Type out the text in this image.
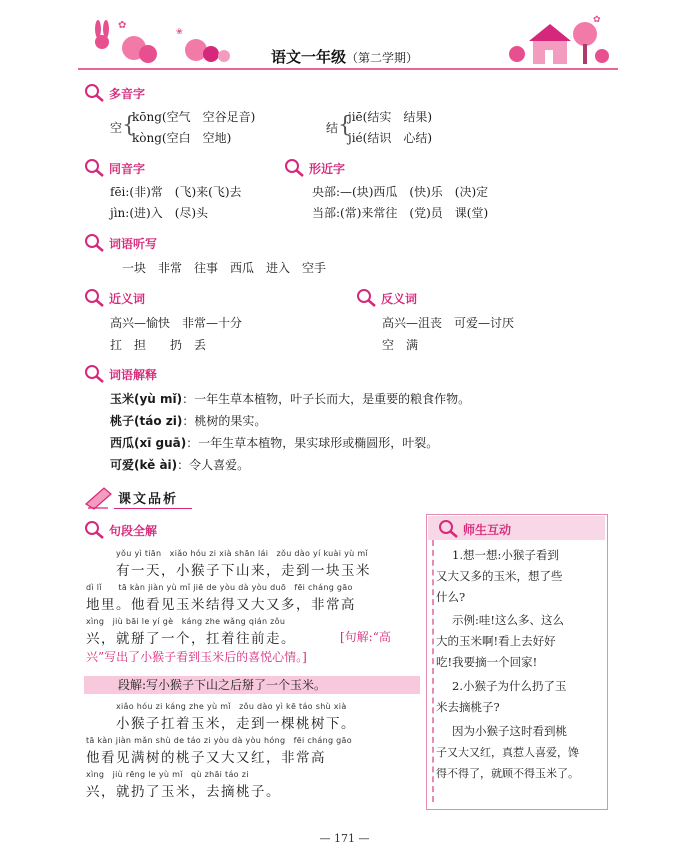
✿
❀
✿
语文一年级（第二学期）
多音字
空 {
kōng(空气　空谷足音)
kòng(空白　空地)
结 {
jiē(结实　结果)
jié(结识　心结)
同音字
fēi:(非)常　(飞)来(飞)去
jìn:(进)入　(尽)头
形近字
央部:—(块)西瓜　(快)乐　(决)定
当部:(常)来常往　(党)员　课(堂)
词语听写
一块　非常　往事　西瓜　进入　空手
近义词
高兴—愉快　非常—十分
扛　担　　扔　丢
反义词
高兴—沮丧　可爱—讨厌
空　满
词语解释
玉米(yù mǐ)：一年生草本植物，叶子长而大，是重要的粮食作物。
桃子(táo zi)：桃树的果实。
西瓜(xī guā)：一年生草本植物，果实球形或椭圆形，叶裂。
可爱(kě ài)：令人喜爱。
课文品析
句段全解
yǒu yì tiān　xiǎo hóu zi xià shān lái　zǒu dào yí kuài yù mǐ
有一天，小猴子下山来，走到一块玉米
dì lǐ　　tā kàn jiàn yù mǐ jiē de yòu dà yòu duō　fēi cháng gāo
地里。他看见玉米结得又大又多，非常高
xìng　jiù bāi le yí gè　káng zhe wǎng qián zǒu
兴，就掰了一个，扛着往前走。	[句解:“高兴”写出了小猴子看到玉米后的喜悦心情。]
段解:写小猴子下山之后掰了一个玉米。
xiǎo hóu zi káng zhe yù mǐ　zǒu dào yì kē táo shù xià
小猴子扛着玉米，走到一棵桃树下。
tā kàn jiàn mǎn shù de táo zi yòu dà yòu hóng　fēi cháng gāo
他看见满树的桃子又大又红，非常高
xìng　jiù rēng le yù mǐ　qù zhāi táo zi
兴，就扔了玉米，去摘桃子。
师生互动
1.想一想:小猴子看到
又大又多的玉米，想了些
什么?
示例:哇!这么多、这么
大的玉米啊!看上去好好
吃!我要摘一个回家!
2.小猴子为什么扔了玉
米去摘桃子?
因为小猴子这时看到桃
子又大又红，真惹人喜爱，馋
得不得了，就顾不得玉米了。
— 171 —
